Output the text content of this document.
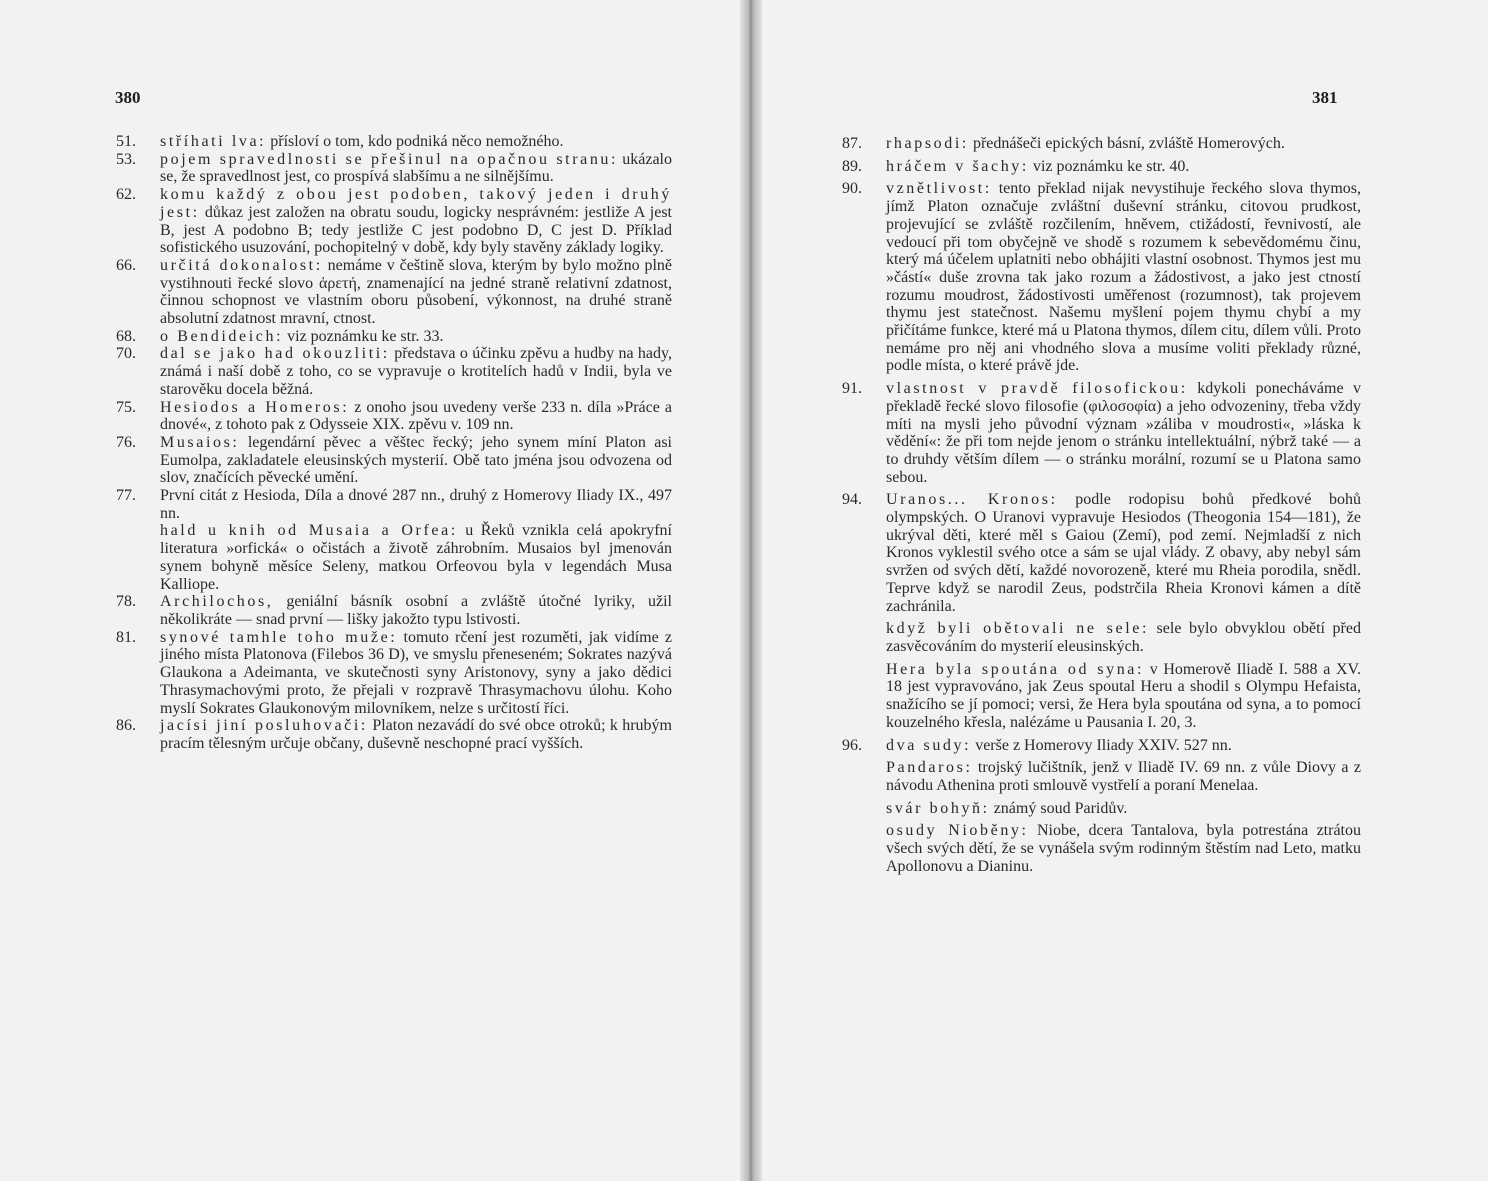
380
51.	stříhati lva: přísloví o tom, kdo podniká něco nemožného.
53.	pojem spravedlnosti se přešinul na opačnou stranu: ukázalo se, že spravedlnost jest, co prospívá slabšímu a ne silnějšímu.
62.	komu každý z obou jest podoben, takový jeden i druhý jest: důkaz jest založen na obratu soudu, logicky nesprávném: jestliže A jest B, jest A podobno B; tedy jestliže C jest podobno D, C jest D. Příklad sofistického usuzování, pochopitelný v době, kdy byly stavěny základy logiky.
66.	určitá dokonalost: nemáme v češtině slova, kterým by bylo možno plně vystihnouti řecké slovo ἀρετή, znamenající na jedné straně relativní zdatnost, činnou schopnost ve vlastním oboru působení, výkonnost, na druhé straně absolutní zdatnost mravní, ctnost.
68.	o Bendideich: viz poznámku ke str. 33.
70.	dal se jako had okouzliti: představa o účinku zpěvu a hudby na hady, známá i naší době z toho, co se vypravuje o krotitelích hadů v Indii, byla ve starověku docela běžná.
75.	Hesiodos a Homeros: z onoho jsou uvedeny verše 233 n. díla »Práce a dnové«, z tohoto pak z Odysseie XIX. zpěvu v. 109 nn.
76.	Musaios: legendární pěvec a věštec řecký; jeho synem míní Platon asi Eumolpa, zakladatele eleusinských mysterií. Obě tato jména jsou odvozena od slov, značících pěvecké umění.
77.	První citát z Hesioda, Díla a dnové 287 nn., druhý z Homerovy Iliady IX., 497 nn.
hald u knih od Musaia a Orfea: u Řeků vznikla celá apokryfní literatura »orfická« o očistách a životě záhrobním. Musaios byl jmenován synem bohyně měsíce Seleny, matkou Orfeovou byla v legendách Musa Kalliope.
78.	Archilochos, geniální básník osobní a zvláště útočné lyriky, užil několikráte — snad první — lišky jakožto typu lstivosti.
81.	synové tamhle toho muže: tomuto rčení jest rozuměti, jak vidíme z jiného místa Platonova (Filebos 36 D), ve smyslu přeneseném; Sokrates nazývá Glaukona a Adeimanta, ve skutečnosti syny Aristonovy, syny a jako dědici Thrasymachovými proto, že přejali v rozpravě Thrasymachovu úlohu. Koho myslí Sokrates Glaukonovým milovníkem, nelze s určitostí říci.
86.	jacísi jiní posluhovači: Platon nezavádí do své obce otroků; k hrubým pracím tělesným určuje občany, duševně neschopné prací vyšších.
381
87.	rhapsodi: přednášeči epických básní, zvláště Homerových.
89.	hráčem v šachy: viz poznámku ke str. 40.
90.	vznětlivost: tento překlad nijak nevystihuje řeckého slova thymos, jímž Platon označuje zvláštní duševní stránku, citovou prudkost, projevující se zvláště rozčilením, hněvem, ctižádostí, řevnivostí, ale vedoucí při tom obyčejně ve shodě s rozumem k sebevědomému činu, který má účelem uplatniti nebo obhájiti vlastní osobnost. Thymos jest mu »částí« duše zrovna tak jako rozum a žádostivost, a jako jest ctností rozumu moudrost, žádostivosti uměřenost (rozumnost), tak projevem thymu jest statečnost. Našemu myšlení pojem thymu chybí a my přičítáme funkce, které má u Platona thymos, dílem citu, dílem vůli. Proto nemáme pro něj ani vhodného slova a musíme voliti překlady různé, podle místa, o které právě jde.
91.	vlastnost v pravdě filosofickou: kdykoli ponecháváme v překladě řecké slovo filosofie (φιλοσοφία) a jeho odvozeniny, třeba vždy míti na mysli jeho původní význam »záliba v moudrosti«, »láska k vědění«: že při tom nejde jenom o stránku intellektuální, nýbrž také — a to druhdy větším dílem — o stránku morální, rozumí se u Platona samo sebou.
94.	Uranos... Kronos: podle rodopisu bohů předkové bohů olympských. O Uranovi vypravuje Hesiodos (Theogonia 154—181), že ukrýval děti, které měl s Gaiou (Zemí), pod zemí. Nejmladší z nich Kronos vyklestil svého otce a sám se ujal vlády. Z obavy, aby nebyl sám svržen od svých dětí, každé novorozeně, které mu Rheia porodila, snědl. Teprve když se narodil Zeus, podstrčila Rheia Kronovi kámen a dítě zachránila.
když byli obětovali ne sele: sele bylo obvyklou obětí před zasvěcováním do mysterií eleusinských.
Hera byla spoutána od syna: v Homerově Iliadě I. 588 a XV. 18 jest vypravováno, jak Zeus spoutal Heru a shodil s Olympu Hefaista, snažícího se jí pomoci; versi, že Hera byla spoutána od syna, a to pomocí kouzelného křesla, nalézáme u Pausania I. 20, 3.
96.	dva sudy: verše z Homerovy Iliady XXIV. 527 nn.
Pandaros: trojský lučištník, jenž v Iliadě IV. 69 nn. z vůle Diovy a z návodu Athenina proti smlouvě vystřelí a poraní Menelaa.
svár bohyň: známý soud Paridův.
osudy Nioběny: Niobe, dcera Tantalova, byla potrestána ztrátou všech svých dětí, že se vynášela svým rodinným štěstím nad Leto, matku Apollonovu a Dianinu.
